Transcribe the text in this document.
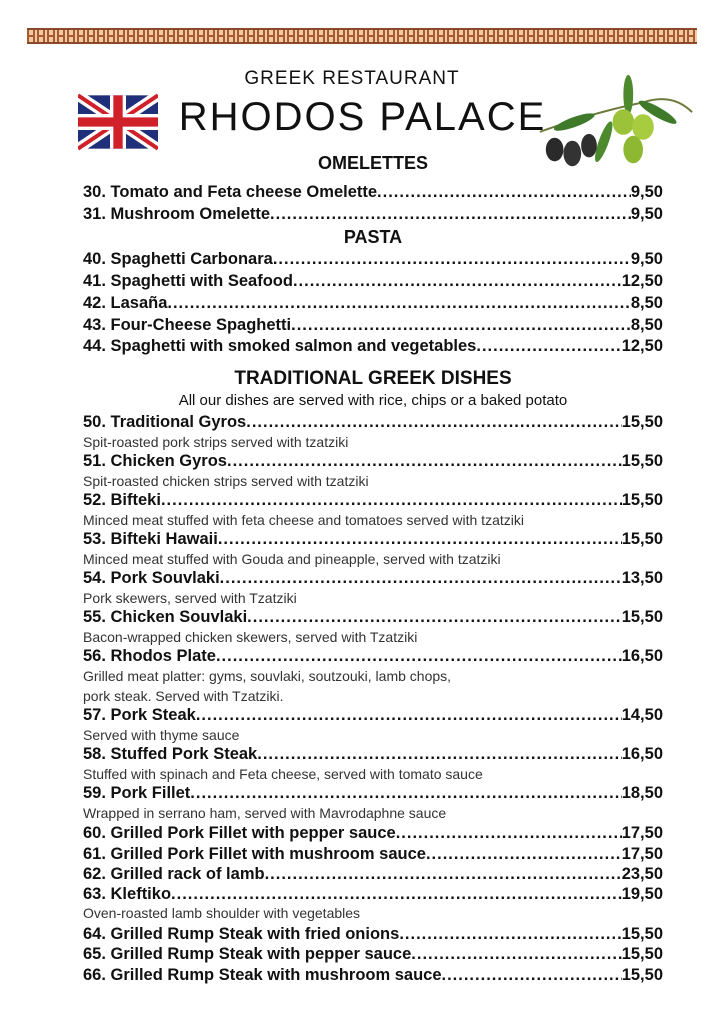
GREEK RESTAURANT
RHODOS PALACE
OMELETTES
30. Tomato and Feta cheese Omelette .....	9,50
31. Mushroom Omelette .....	9,50
PASTA
40. Spaghetti Carbonara .....	9,50
41. Spaghetti with Seafood .....	12,50
42. Lasaña .....	8,50
43. Four-Cheese Spaghetti .....	8,50
44. Spaghetti with smoked salmon and vegetables .....	12,50
TRADITIONAL GREEK DISHES
All our dishes are served with rice, chips or a baked potato
50. Traditional Gyros .....	15,50
Spit-roasted pork strips served with tzatziki
51. Chicken Gyros .....	15,50
Spit-roasted chicken strips served with tzatziki
52. Bifteki .....	15,50
Minced meat stuffed with feta cheese and tomatoes served with tzatziki
53. Bifteki Hawaii .....	15,50
Minced meat stuffed with Gouda and pineapple, served with tzatziki
54. Pork Souvlaki .....	13,50
Pork skewers, served with Tzatziki
55. Chicken Souvlaki .....	15,50
Bacon-wrapped chicken skewers, served with Tzatziki
56. Rhodos Plate .....	16,50
Grilled meat platter: gyms, souvlaki, soutzouki, lamb chops,
pork steak. Served with Tzatziki.
57. Pork Steak .....	14,50
Served with thyme sauce
58. Stuffed Pork Steak .....	16,50
Stuffed with spinach and Feta cheese, served with tomato sauce
59. Pork Fillet .....	18,50
Wrapped in serrano ham, served with Mavrodaphne sauce
60. Grilled Pork Fillet with pepper sauce .....	17,50
61. Grilled Pork Fillet with mushroom sauce .....	17,50
62. Grilled rack of lamb .....	23,50
63. Kleftiko .....	19,50
Oven-roasted lamb shoulder with vegetables
64. Grilled Rump Steak with fried onions .....	15,50
65. Grilled Rump Steak with pepper sauce .....	15,50
66. Grilled Rump Steak with mushroom sauce .....	15,50
